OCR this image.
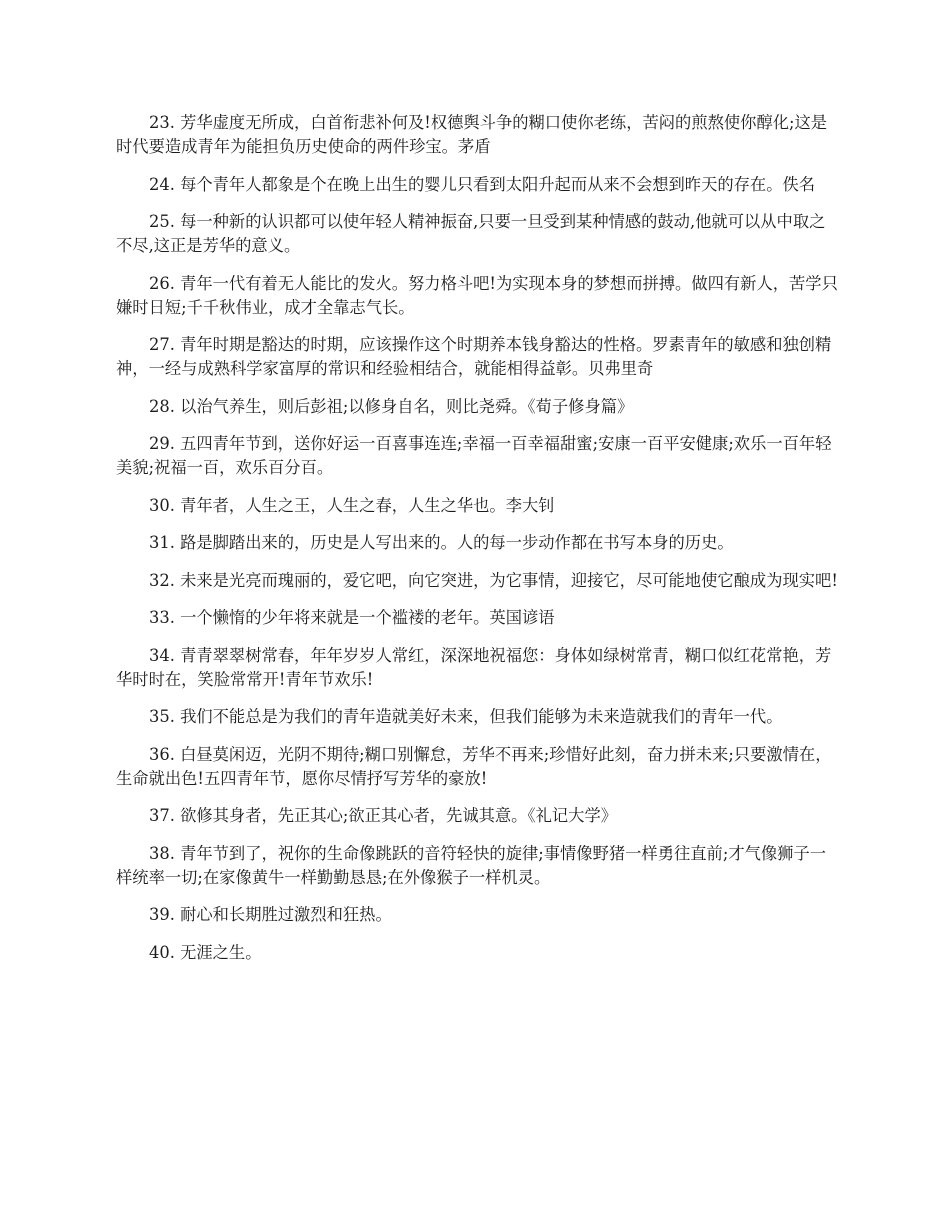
23. 芳华虚度无所成，白首衔悲补何及!权德舆斗争的糊口使你老练，苦闷的煎熬使你醇化;这是时代要造成青年为能担负历史使命的两件珍宝。茅盾

24. 每个青年人都象是个在晚上出生的婴儿只看到太阳升起而从来不会想到昨天的存在。佚名

25. 每一种新的认识都可以使年轻人精神振奋,只要一旦受到某种情感的鼓动,他就可以从中取之不尽,这正是芳华的意义。

26. 青年一代有着无人能比的发火。努力格斗吧!为实现本身的梦想而拼搏。做四有新人，苦学只嫌时日短;千千秋伟业，成才全靠志气长。

27. 青年时期是豁达的时期，应该操作这个时期养本钱身豁达的性格。罗素青年的敏感和独创精神，一经与成熟科学家富厚的常识和经验相结合，就能相得益彰。贝弗里奇

28. 以治气养生，则后彭祖;以修身自名，则比尧舜。《荀子修身篇》

29. 五四青年节到，送你好运一百喜事连连;幸福一百幸福甜蜜;安康一百平安健康;欢乐一百年轻美貌;祝福一百，欢乐百分百。

30. 青年者，人生之王，人生之春，人生之华也。李大钊

31. 路是脚踏出来的，历史是人写出来的。人的每一步动作都在书写本身的历史。

32. 未来是光亮而瑰丽的，爱它吧，向它突进，为它事情，迎接它，尽可能地使它酿成为现实吧!

33. 一个懒惰的少年将来就是一个褴褛的老年。英国谚语

34. 青青翠翠树常春，年年岁岁人常红，深深地祝福您：身体如绿树常青，糊口似红花常艳，芳华时时在，笑脸常常开!青年节欢乐!

35. 我们不能总是为我们的青年造就美好未来，但我们能够为未来造就我们的青年一代。

36. 白昼莫闲迈，光阴不期待;糊口别懈怠，芳华不再来;珍惜好此刻，奋力拼未来;只要激情在，生命就出色!五四青年节，愿你尽情抒写芳华的豪放!

37. 欲修其身者，先正其心;欲正其心者，先诚其意。《礼记大学》

38. 青年节到了，祝你的生命像跳跃的音符轻快的旋律;事情像野猪一样勇往直前;才气像狮子一样统率一切;在家像黄牛一样勤勤恳恳;在外像猴子一样机灵。

39. 耐心和长期胜过激烈和狂热。

40. 无涯之生。
